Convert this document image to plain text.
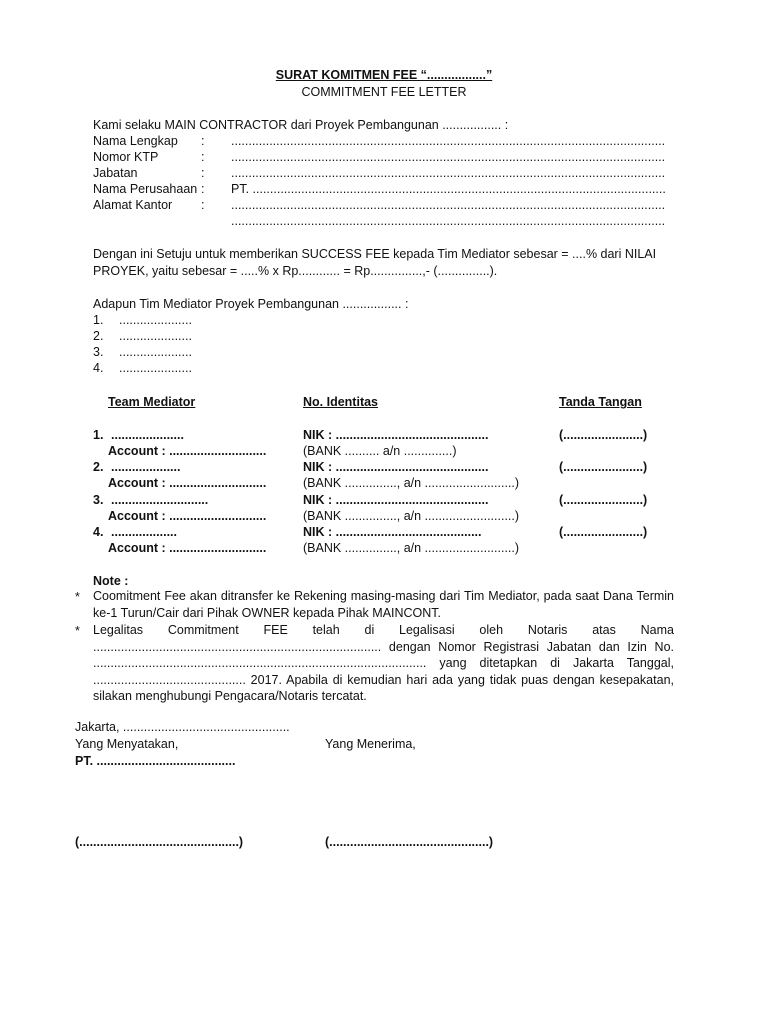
SURAT KOMITMEN FEE “.................”
COMMITMENT FEE LETTER
Kami selaku MAIN CONTRACTOR dari Proyek Pembangunan ................. :
Nama Lengkap : .............................................................................................................................
Nomor KTP	: .............................................................................................................................
Jabatan	: .............................................................................................................................
Nama Perusahaan : PT. .......................................................................................................................
Alamat Kantor : .............................................................................................................................
.............................................................................................................................
Dengan ini Setuju untuk memberikan SUCCESS FEE kepada Tim Mediator sebesar = ....% dari NILAI
PROYEK, yaitu sebesar = .....% x Rp............ = Rp...............,- (...............).
Adapun Tim Mediator Proyek Pembangunan ................. :
1. .....................
2. .....................
3. .....................
4. .....................
Team Mediator	No. Identitas	Tanda Tangan
1. .....................	NIK : ............................................	(.......................)
Account : ............................	(BANK .......... a/n ..............)
2. ....................	NIK : ............................................	(.......................)
Account : ............................	(BANK ..............., a/n ..........................)
3. ............................	NIK : ............................................	(.......................)
Account : ............................	(BANK ..............., a/n ..........................)
4. ...................	NIK : ..........................................	(.......................)
Account : ............................	(BANK ..............., a/n ..........................)
Note :
* Coomitment Fee akan ditransfer ke Rekening masing-masing dari Tim Mediator, pada saat Dana Termin ke-1 Turun/Cair dari Pihak OWNER kepada Pihak MAINCONT.
* Legalitas Commitment FEE telah di Legalisasi oleh Notaris atas Nama ................................................................................... dengan Nomor Registrasi Jabatan dan Izin No. ................................................................................................ yang ditetapkan di Jakarta Tanggal, ............................................ 2017. Apabila di kemudian hari ada yang tidak puas dengan kesepakatan, silakan menghubungi Pengacara/Notaris tercatat.
Jakarta, ................................................
Yang Menyatakan,	Yang Menerima,
PT. ........................................
(..............................................)	(..............................................)
